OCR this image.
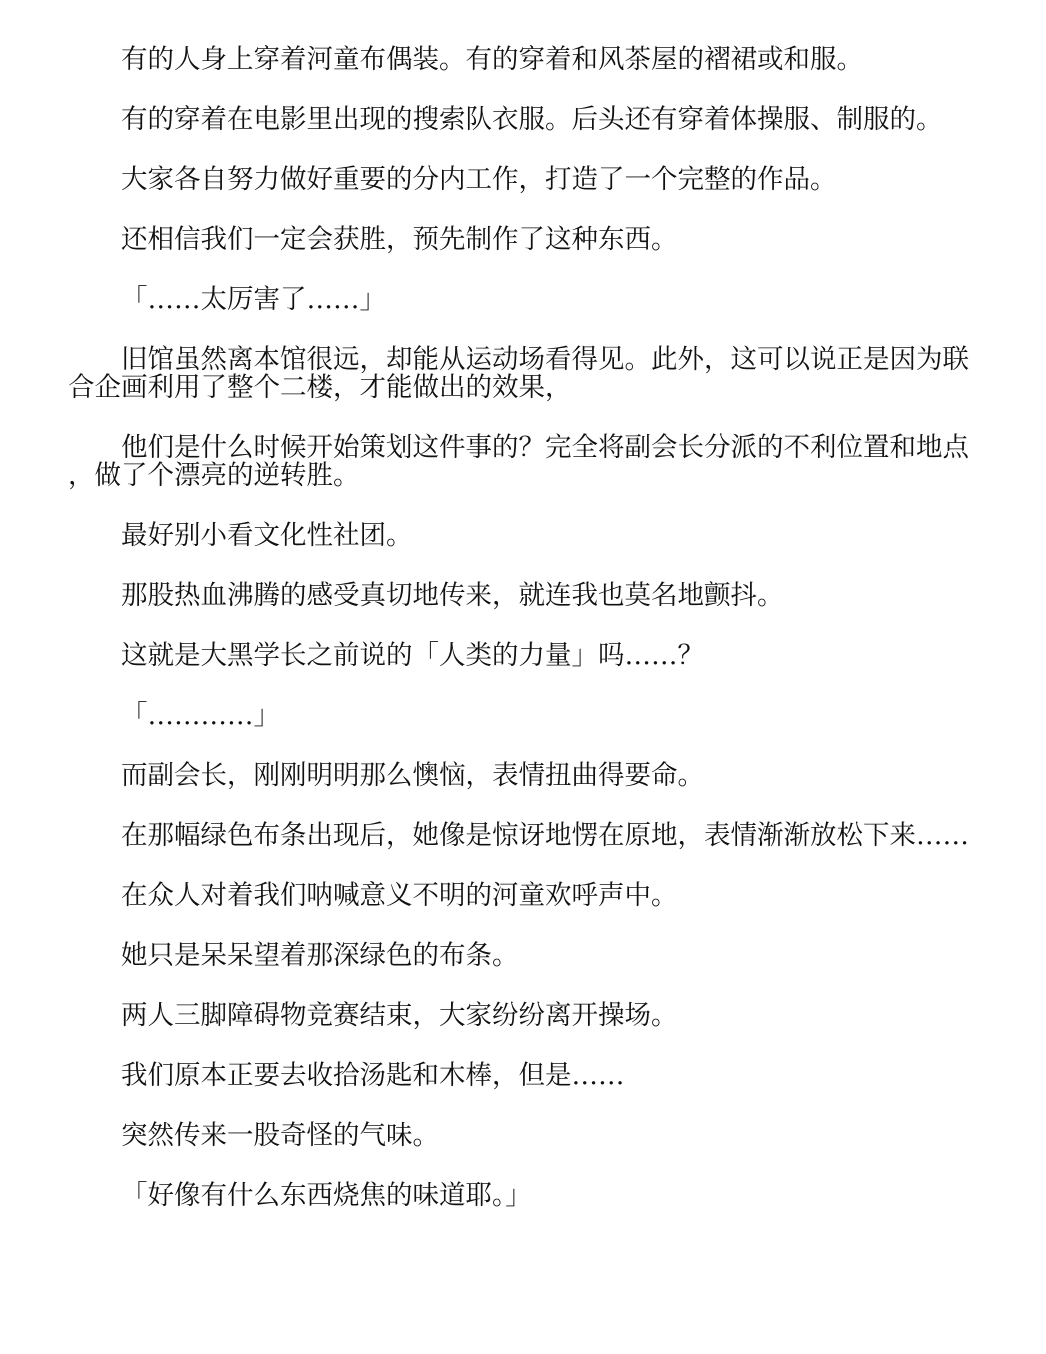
有的人身上穿着河童布偶装。有的穿着和风茶屋的褶裙或和服。

有的穿着在电影里出现的搜索队衣服。后头还有穿着体操服、制服的。

大家各自努力做好重要的分内工作，打造了一个完整的作品。

还相信我们一定会获胜，预先制作了这种东西。

「……太厉害了……」

旧馆虽然离本馆很远，却能从运动场看得见。此外，这可以说正是因为联合企画利用了整个二楼，才能做出的效果，

他们是什么时候开始策划这件事的？完全将副会长分派的不利位置和地点，做了个漂亮的逆转胜。

最好别小看文化性社团。

那股热血沸腾的感受真切地传来，就连我也莫名地颤抖。

这就是大黑学长之前说的「人类的力量」吗……？

「…………」

而副会长，刚刚明明那么懊恼，表情扭曲得要命。

在那幅绿色布条出现后，她像是惊讶地愣在原地，表情渐渐放松下来……

在众人对着我们呐喊意义不明的河童欢呼声中。

她只是呆呆望着那深绿色的布条。

两人三脚障碍物竞赛结束，大家纷纷离开操场。

我们原本正要去收拾汤匙和木棒，但是……

突然传来一股奇怪的气味。

「好像有什么东西烧焦的味道耶。」
